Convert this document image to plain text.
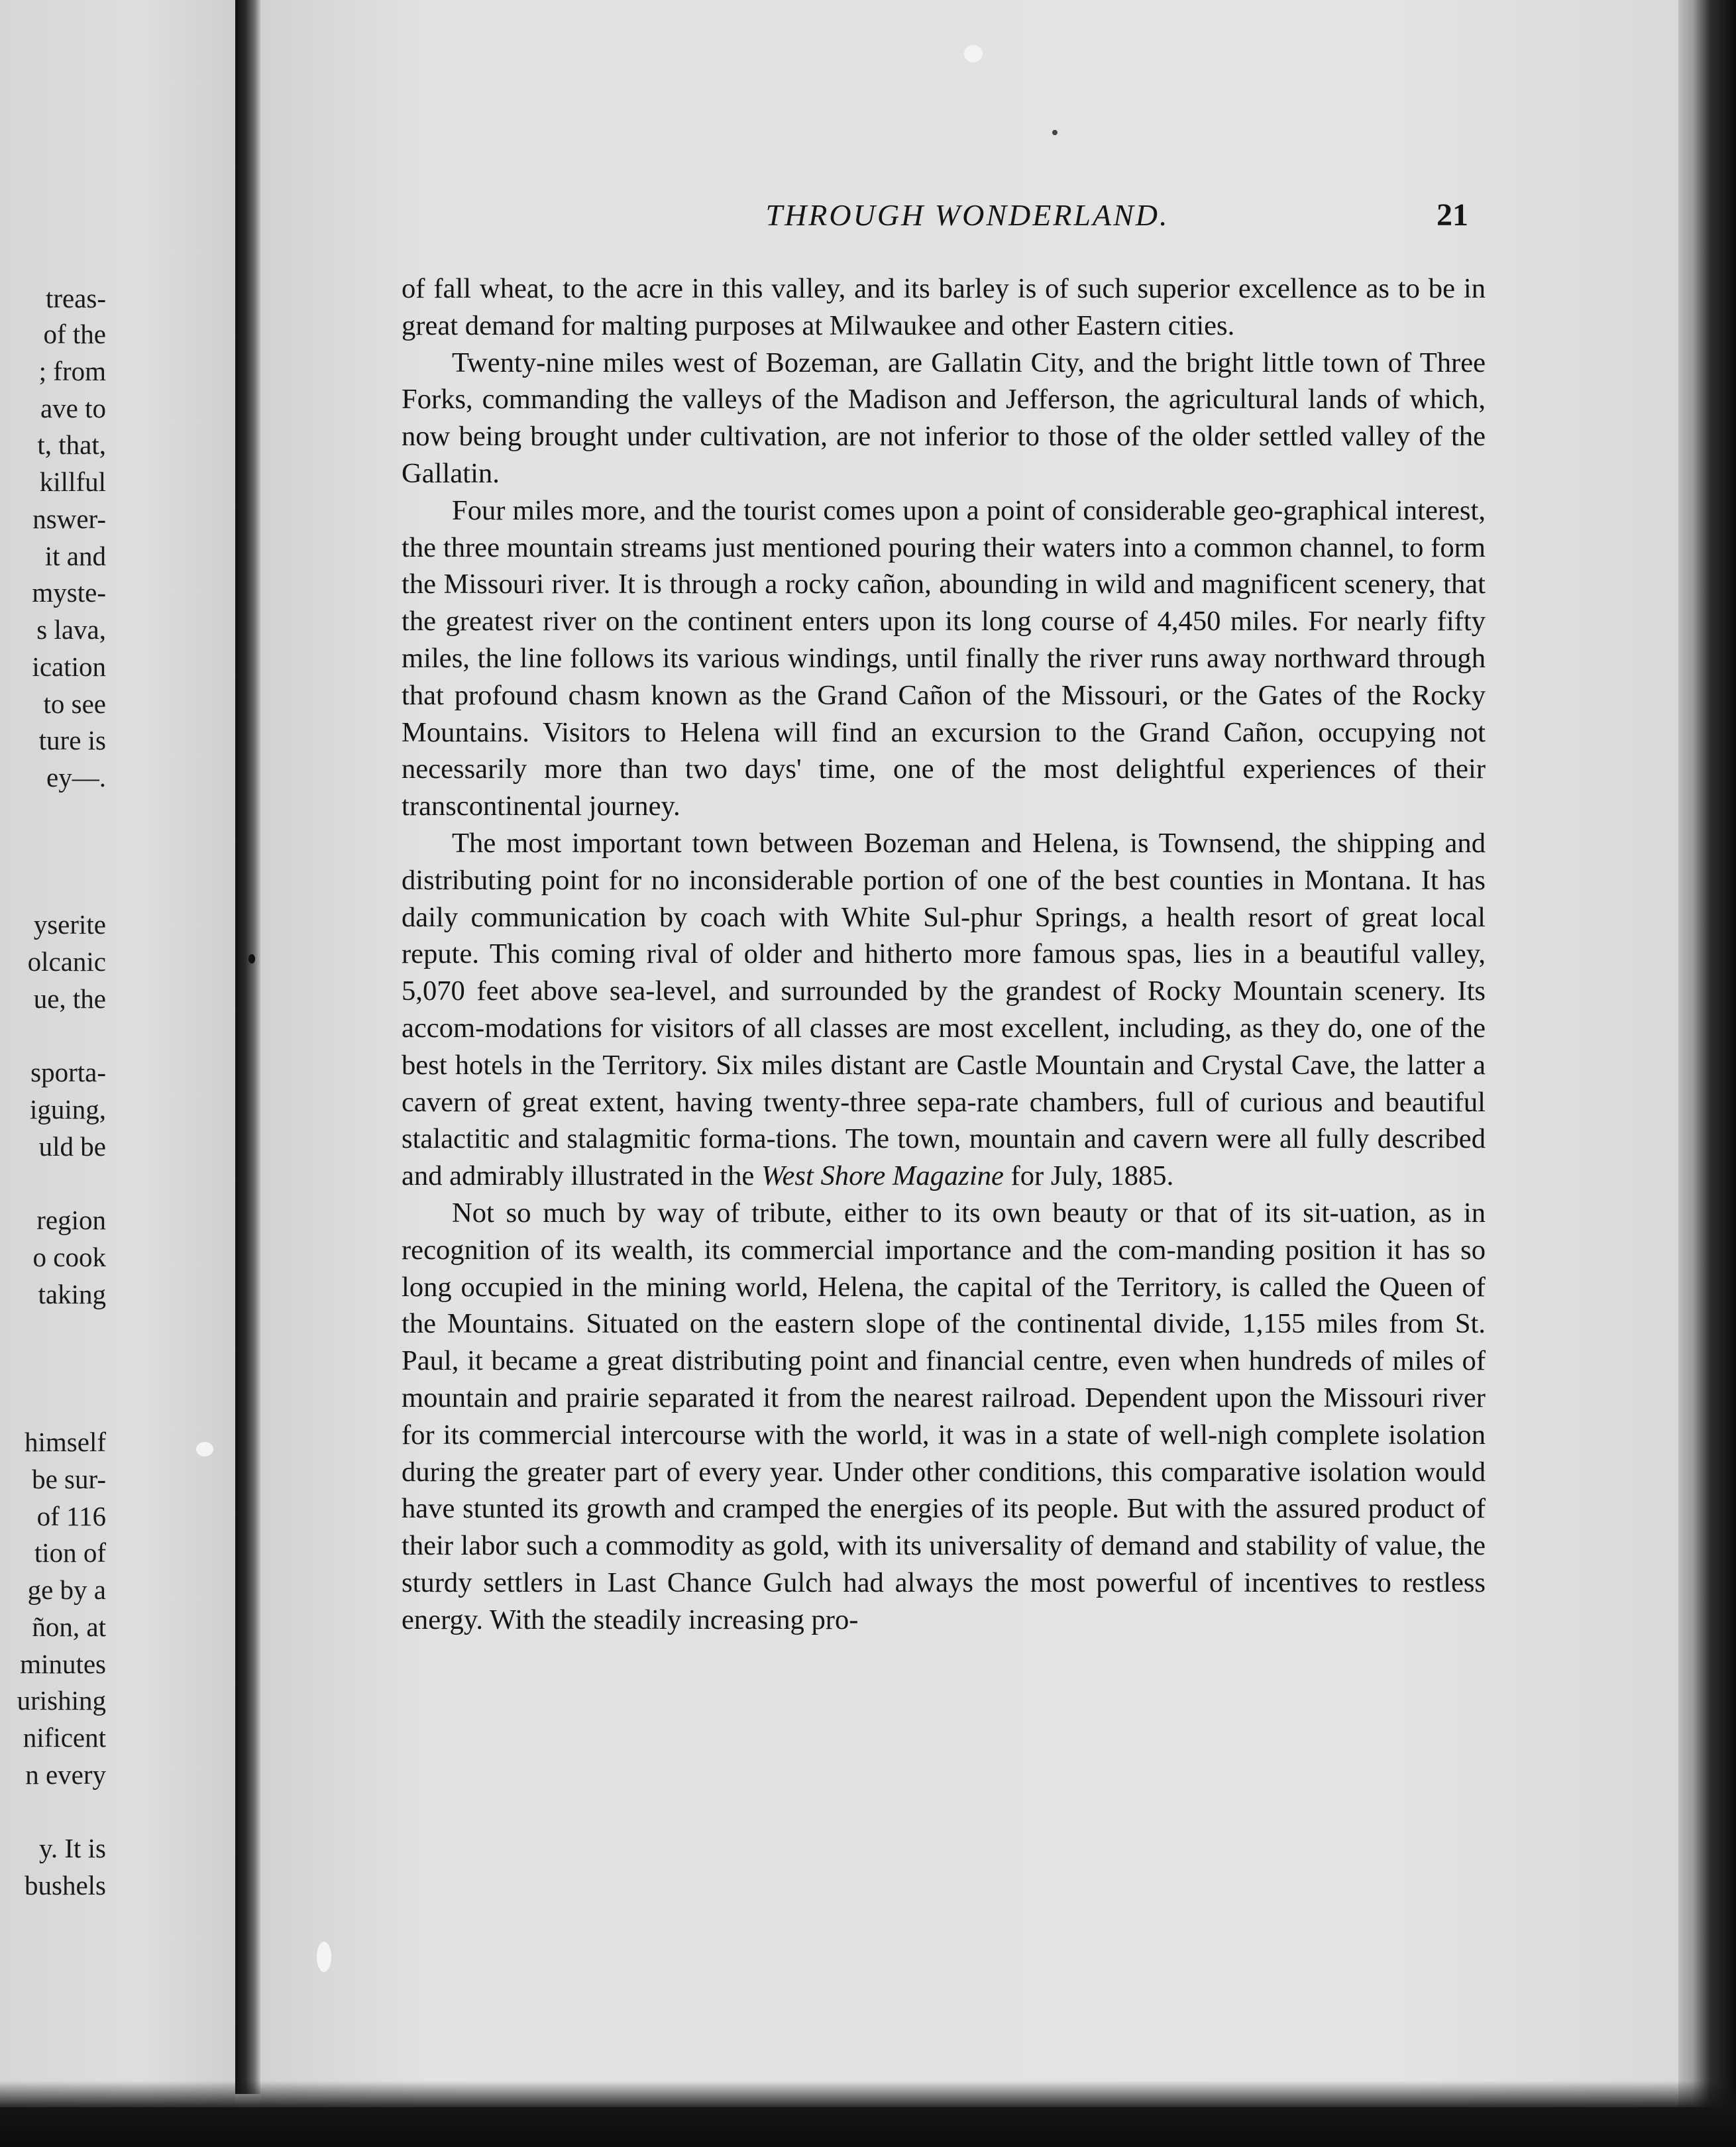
treas-
of the
; from
ave to
t, that,
killful
nswer-
it and
myste-
s lava,
ication
to see
ture is
ey—.
yserite
olcanic
ue, the
sporta-
iguing,
uld be
region
o cook
taking
himself
be sur-
of 116
tion of
ge by a
ñon, at
minutes
urishing
nificent
n every
y. It is
bushels
THROUGH WONDERLAND.	21

of fall wheat, to the acre in this valley, and its barley is of such superior excellence as to be in great demand for malting purposes at Milwaukee and other Eastern cities.

Twenty-nine miles west of Bozeman, are Gallatin City, and the bright little town of Three Forks, commanding the valleys of the Madison and Jefferson, the agricultural lands of which, now being brought under cultivation, are not inferior to those of the older settled valley of the Gallatin.

Four miles more, and the tourist comes upon a point of considerable geo-graphical interest, the three mountain streams just mentioned pouring their waters into a common channel, to form the Missouri river. It is through a rocky cañon, abounding in wild and magnificent scenery, that the greatest river on the continent enters upon its long course of 4,450 miles. For nearly fifty miles, the line follows its various windings, until finally the river runs away northward through that profound chasm known as the Grand Cañon of the Missouri, or the Gates of the Rocky Mountains. Visitors to Helena will find an excursion to the Grand Cañon, occupying not necessarily more than two days' time, one of the most delightful experiences of their transcontinental journey.

The most important town between Bozeman and Helena, is Townsend, the shipping and distributing point for no inconsiderable portion of one of the best counties in Montana. It has daily communication by coach with White Sul-phur Springs, a health resort of great local repute. This coming rival of older and hitherto more famous spas, lies in a beautiful valley, 5,070 feet above sea-level, and surrounded by the grandest of Rocky Mountain scenery. Its accom-modations for visitors of all classes are most excellent, including, as they do, one of the best hotels in the Territory. Six miles distant are Castle Mountain and Crystal Cave, the latter a cavern of great extent, having twenty-three sepa-rate chambers, full of curious and beautiful stalactitic and stalagmitic forma-tions. The town, mountain and cavern were all fully described and admirably illustrated in the West Shore Magazine for July, 1885.

Not so much by way of tribute, either to its own beauty or that of its sit-uation, as in recognition of its wealth, its commercial importance and the com-manding position it has so long occupied in the mining world, Helena, the capital of the Territory, is called the Queen of the Mountains. Situated on the eastern slope of the continental divide, 1,155 miles from St. Paul, it became a great distributing point and financial centre, even when hundreds of miles of mountain and prairie separated it from the nearest railroad. Dependent upon the Missouri river for its commercial intercourse with the world, it was in a state of well-nigh complete isolation during the greater part of every year. Under other conditions, this comparative isolation would have stunted its growth and cramped the energies of its people. But with the assured product of their labor such a commodity as gold, with its universality of demand and stability of value, the sturdy settlers in Last Chance Gulch had always the most powerful of incentives to restless energy. With the steadily increasing pro-
